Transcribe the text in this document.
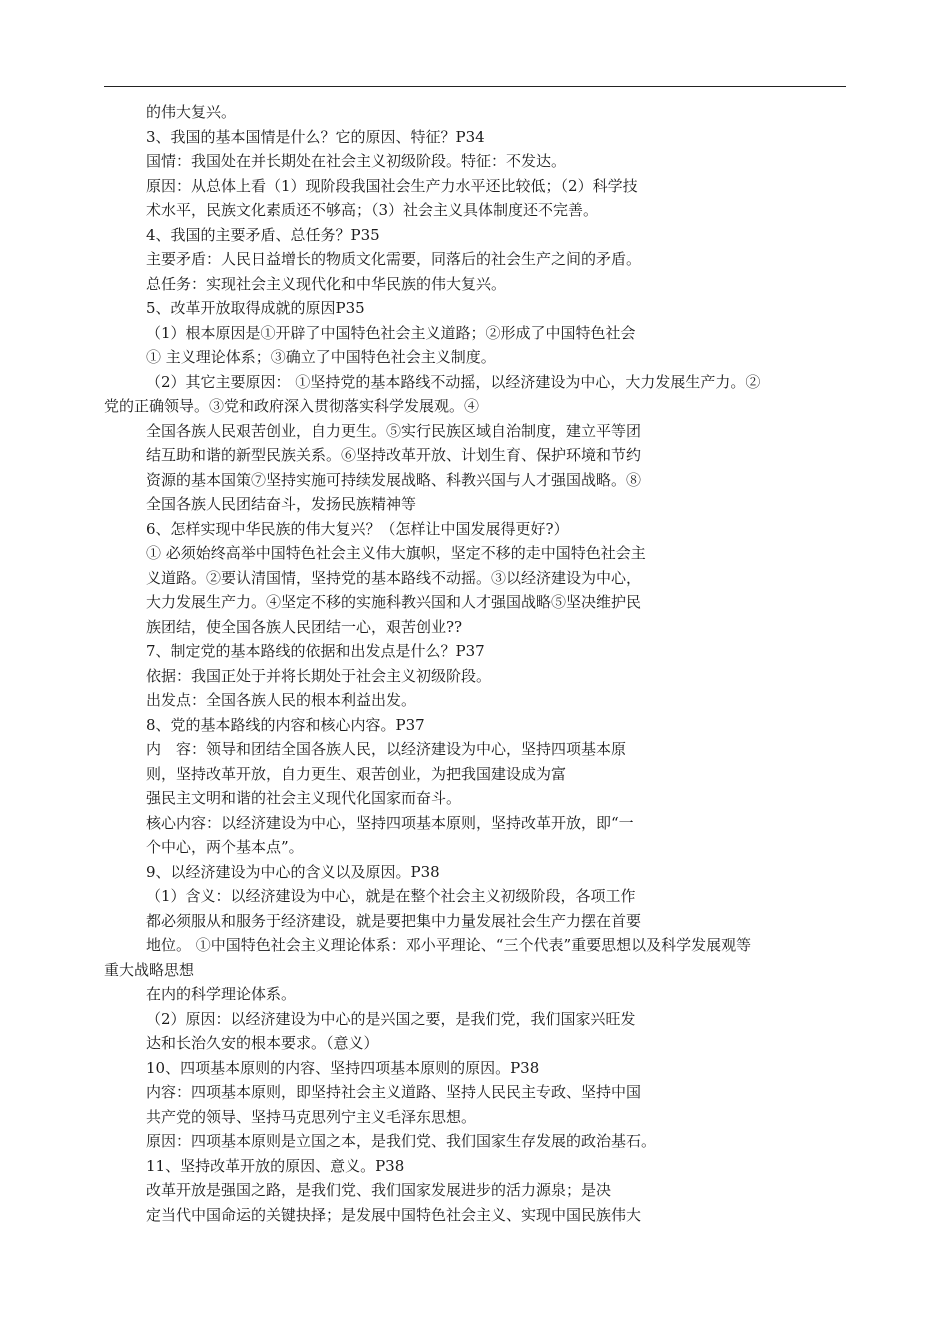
的伟大复兴。
3、我国的基本国情是什么？它的原因、特征？P34
国情：我国处在并长期处在社会主义初级阶段。特征：不发达。
原因：从总体上看（1）现阶段我国社会生产力水平还比较低；（2）科学技
术水平，民族文化素质还不够高；（3）社会主义具体制度还不完善。
4、我国的主要矛盾、总任务？P35
主要矛盾：人民日益增长的物质文化需要，同落后的社会生产之间的矛盾。
总任务：实现社会主义现代化和中华民族的伟大复兴。
5、改革开放取得成就的原因P35
（1）根本原因是①开辟了中国特色社会主义道路；②形成了中国特色社会
① 主义理论体系；③确立了中国特色社会主义制度。
（2）其它主要原因： ①坚持党的基本路线不动摇，以经济建设为中心，大力发展生产力。②
党的正确领导。③党和政府深入贯彻落实科学发展观。④
全国各族人民艰苦创业，自力更生。⑤实行民族区域自治制度，建立平等团
结互助和谐的新型民族关系。⑥坚持改革开放、计划生育、保护环境和节约
资源的基本国策⑦坚持实施可持续发展战略、科教兴国与人才强国战略。⑧
全国各族人民团结奋斗，发扬民族精神等
6、怎样实现中华民族的伟大复兴？（怎样让中国发展得更好?）
① 必须始终高举中国特色社会主义伟大旗帜，坚定不移的走中国特色社会主
义道路。②要认清国情，坚持党的基本路线不动摇。③以经济建设为中心，
大力发展生产力。④坚定不移的实施科教兴国和人才强国战略⑤坚决维护民
族团结，使全国各族人民团结一心，艰苦创业??
7、制定党的基本路线的依据和出发点是什么？P37
依据：我国正处于并将长期处于社会主义初级阶段。
出发点：全国各族人民的根本利益出发。
8、党的基本路线的内容和核心内容。P37
内　容：领导和团结全国各族人民，以经济建设为中心，坚持四项基本原
则，坚持改革开放，自力更生、艰苦创业，为把我国建设成为富
强民主文明和谐的社会主义现代化国家而奋斗。
核心内容：以经济建设为中心，坚持四项基本原则，坚持改革开放，即“一
个中心，两个基本点”。
9、以经济建设为中心的含义以及原因。P38
（1）含义：以经济建设为中心，就是在整个社会主义初级阶段，各项工作
都必须服从和服务于经济建设，就是要把集中力量发展社会生产力摆在首要
地位。 ①中国特色社会主义理论体系：邓小平理论、“三个代表”重要思想以及科学发展观等
重大战略思想
在内的科学理论体系。
（2）原因：以经济建设为中心的是兴国之要，是我们党，我们国家兴旺发
达和长治久安的根本要求。（意义）
10、四项基本原则的内容、坚持四项基本原则的原因。P38
内容：四项基本原则，即坚持社会主义道路、坚持人民民主专政、坚持中国
共产党的领导、坚持马克思列宁主义毛泽东思想。
原因：四项基本原则是立国之本，是我们党、我们国家生存发展的政治基石。
11、坚持改革开放的原因、意义。P38
改革开放是强国之路，是我们党、我们国家发展进步的活力源泉；是决
定当代中国命运的关键抉择；是发展中国特色社会主义、实现中国民族伟大
